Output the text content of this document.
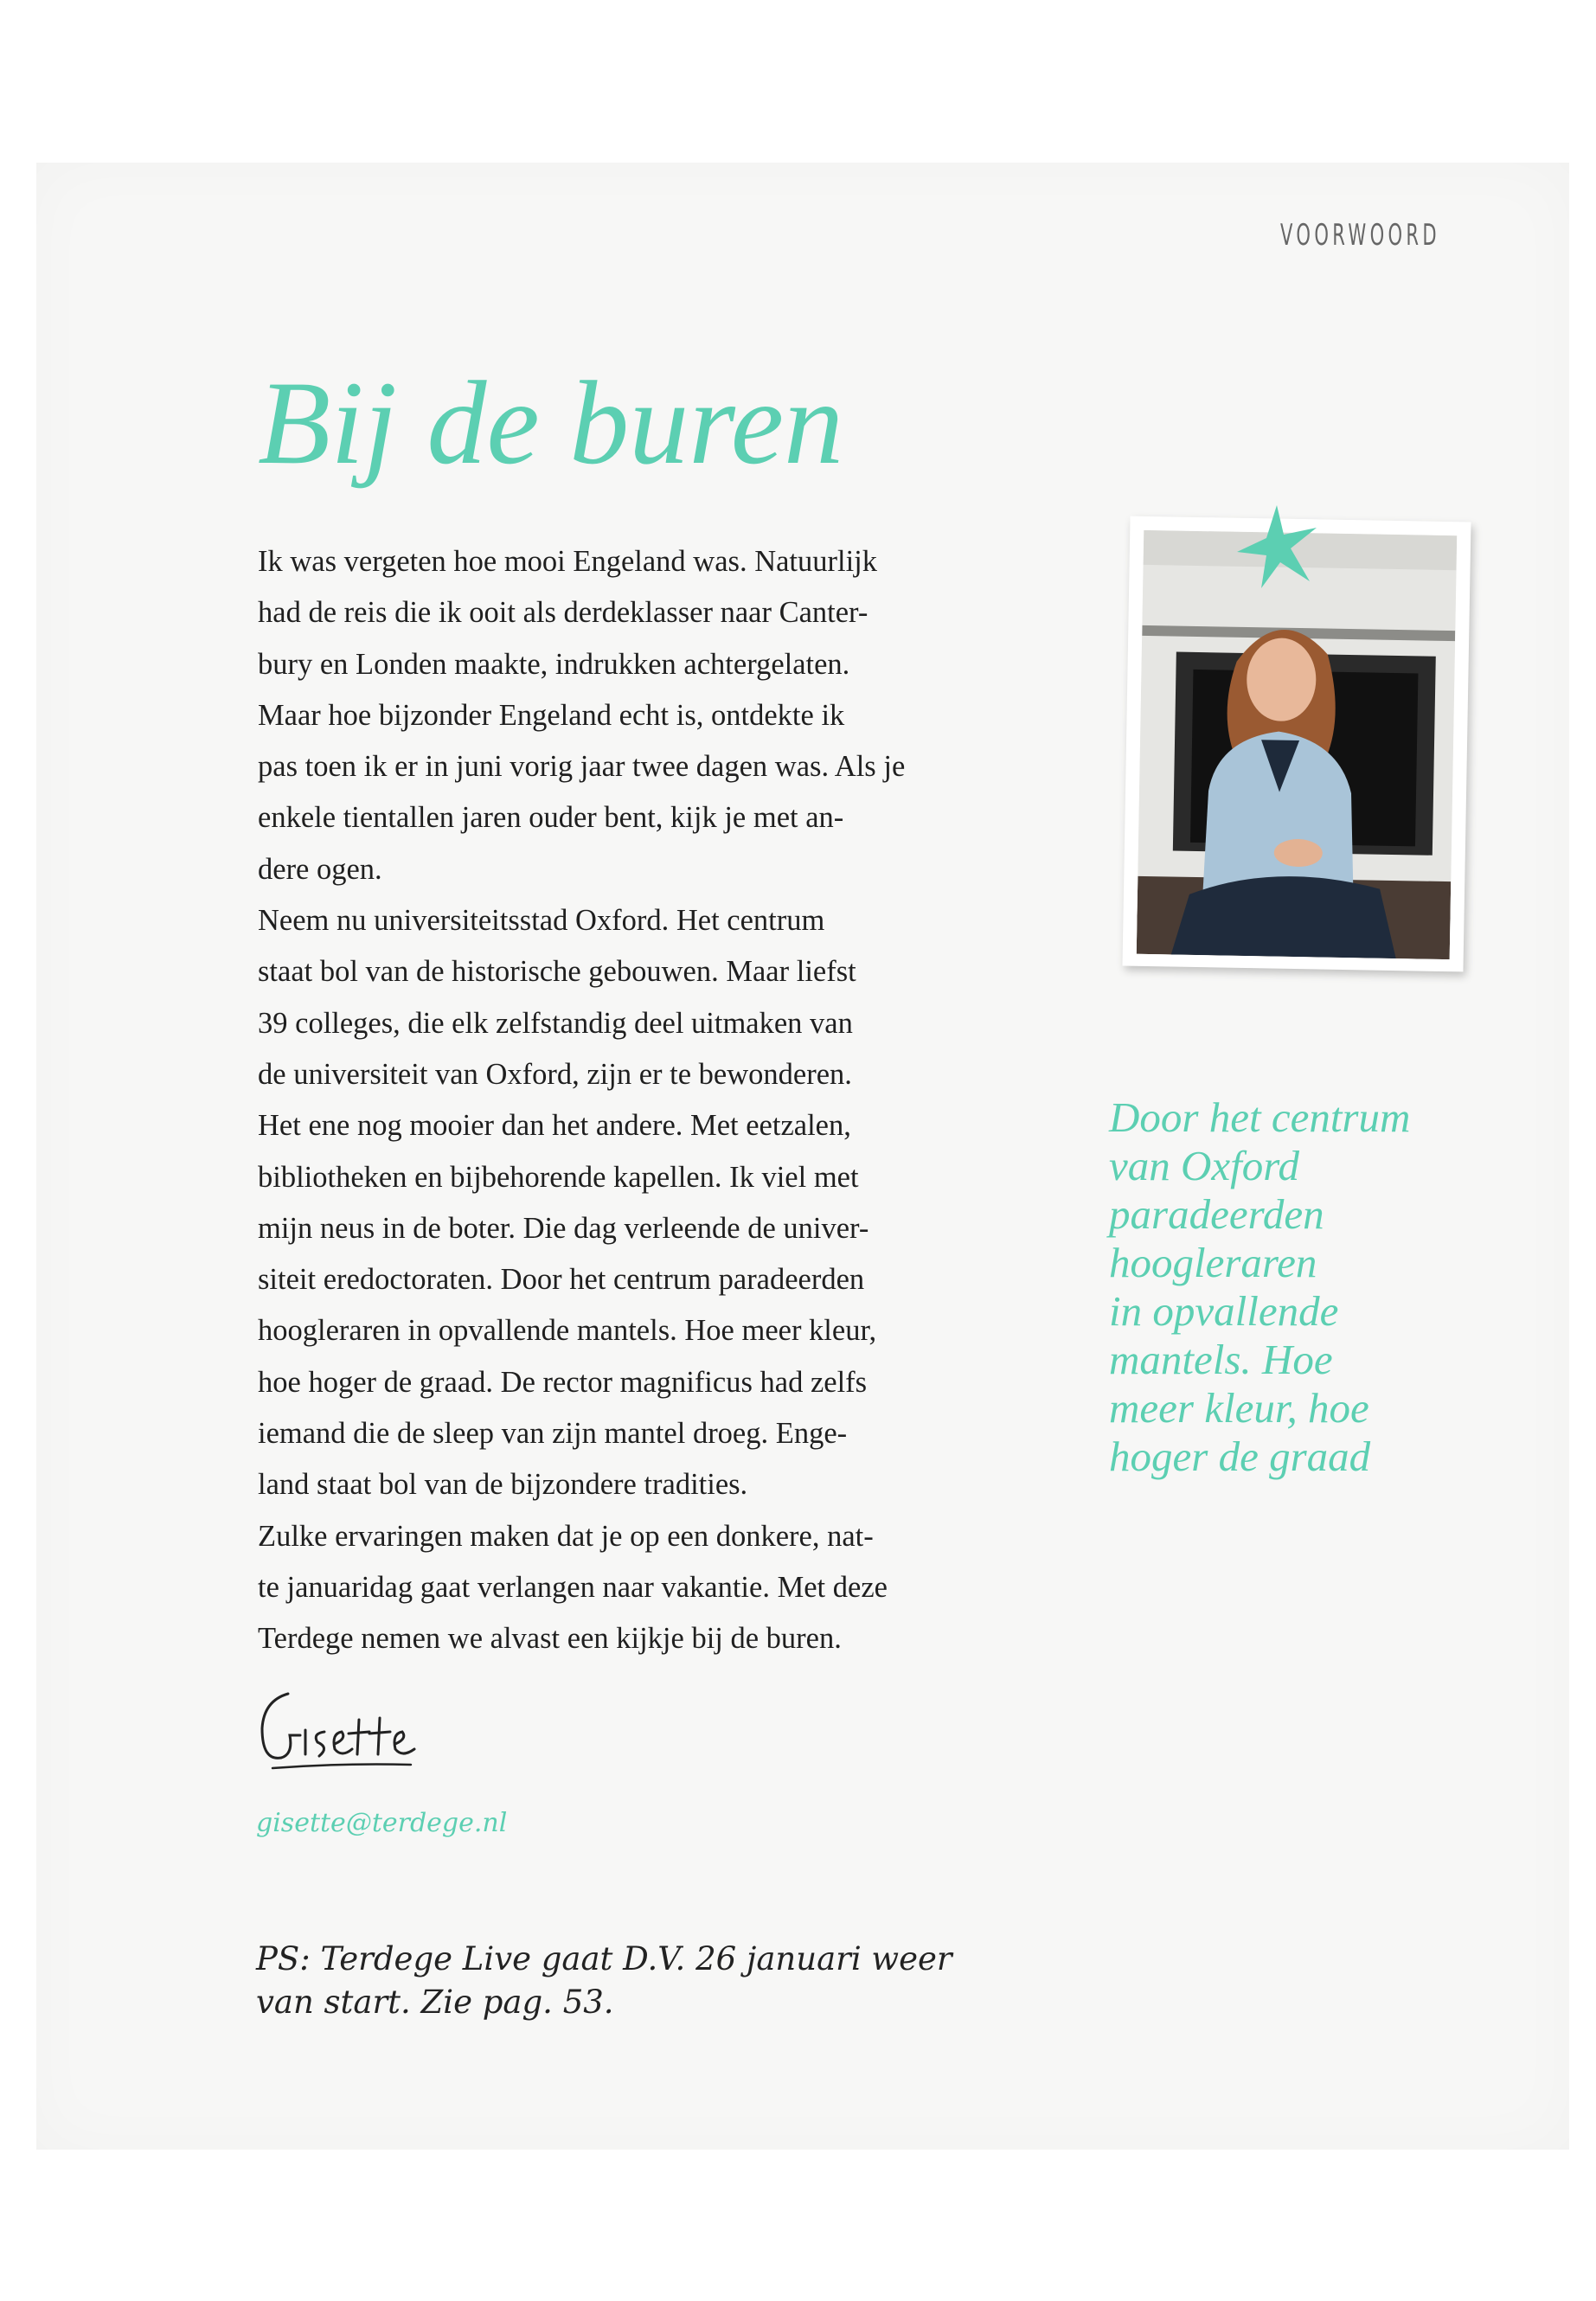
VOORWOORD
Bij de buren
Ik was vergeten hoe mooi Engeland was. Natuurlijk
had de reis die ik ooit als derdeklasser naar Canter-
bury en Londen maakte, indrukken achtergelaten.
Maar hoe bijzonder Engeland echt is, ontdekte ik
pas toen ik er in juni vorig jaar twee dagen was. Als je
enkele tientallen jaren ouder bent, kijk je met an-
dere ogen.
Neem nu universiteitsstad Oxford. Het centrum
staat bol van de historische gebouwen. Maar liefst
39 colleges, die elk zelfstandig deel uitmaken van
de universiteit van Oxford, zijn er te bewonderen.
Het ene nog mooier dan het andere. Met eetzalen,
bibliotheken en bijbehorende kapellen. Ik viel met
mijn neus in de boter. Die dag verleende de univer-
siteit eredoctoraten. Door het centrum paradeerden
hoogleraren in opvallende mantels. Hoe meer kleur,
hoe hoger de graad. De rector magnificus had zelfs
iemand die de sleep van zijn mantel droeg. Enge-
land staat bol van de bijzondere tradities.
Zulke ervaringen maken dat je op een donkere, nat-
te januaridag gaat verlangen naar vakantie. Met deze
Terdege nemen we alvast een kijkje bij de buren.
Door het centrum
van Oxford
paradeerden
hoogleraren
in opvallende
mantels. Hoe
meer kleur, hoe
hoger de graad
gisette@terdege.nl
PS: Terdege Live gaat D.V. 26 januari weer
van start. Zie pag. 53.
